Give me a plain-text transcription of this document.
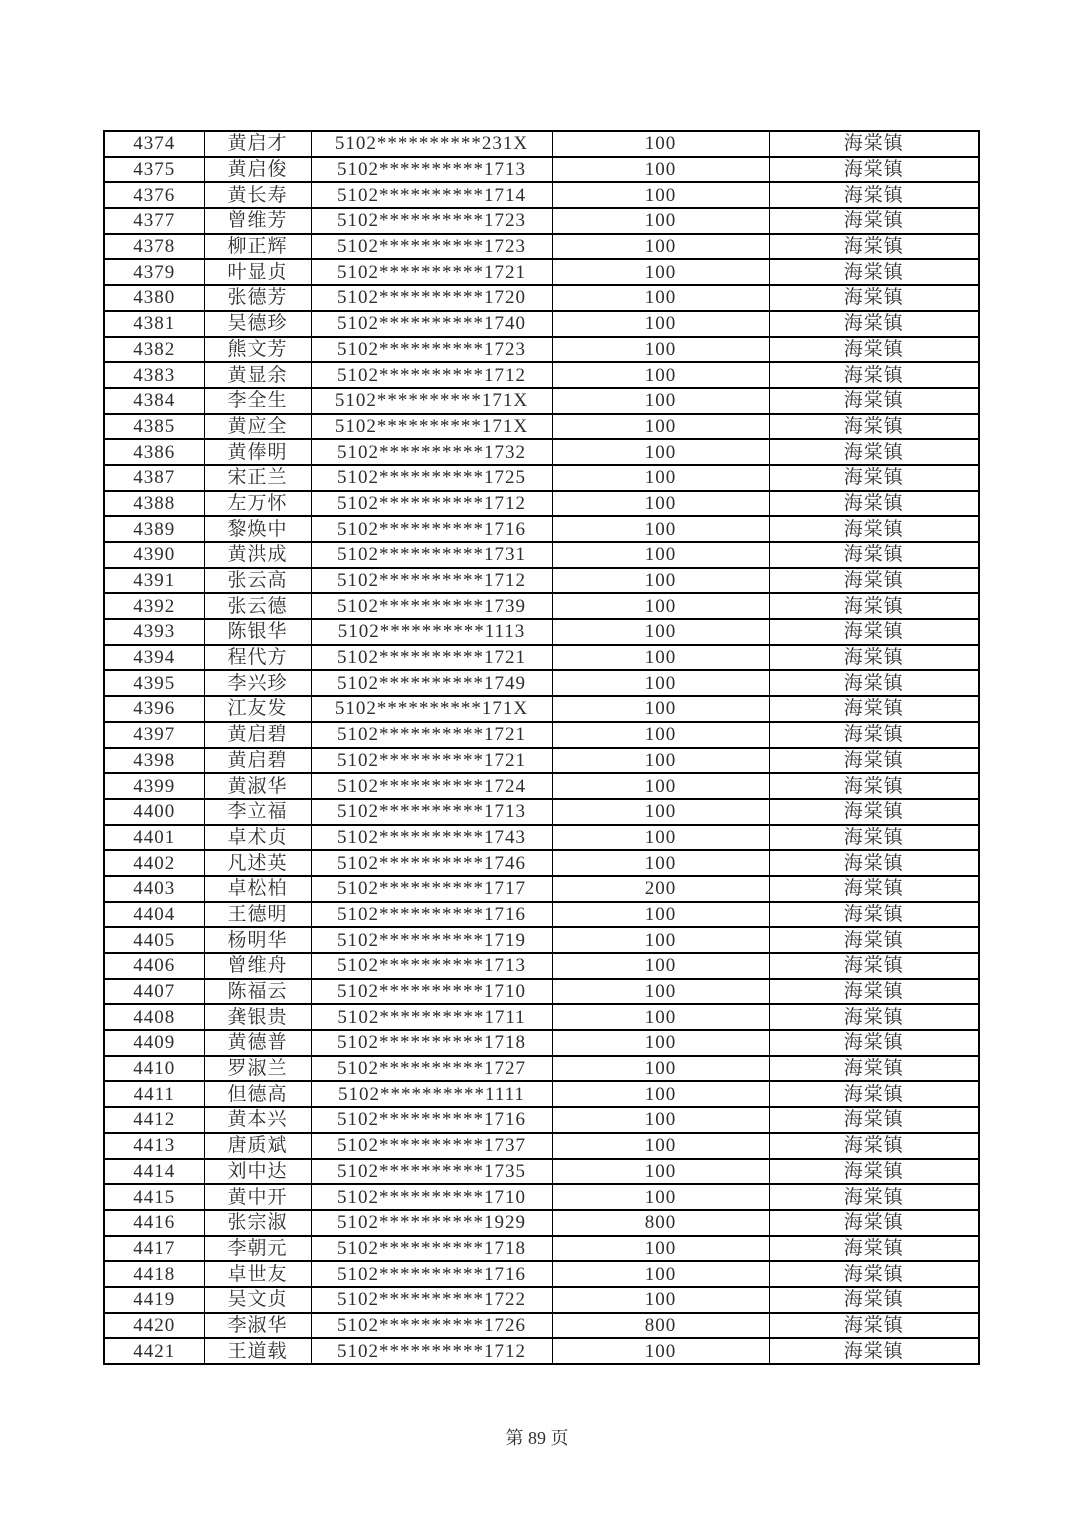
4374	黄启才	5102**********231X	100	海棠镇
4375	黄启俊	5102**********1713	100	海棠镇
4376	黄长寿	5102**********1714	100	海棠镇
4377	曾维芳	5102**********1723	100	海棠镇
4378	柳正辉	5102**********1723	100	海棠镇
4379	叶显贞	5102**********1721	100	海棠镇
4380	张德芳	5102**********1720	100	海棠镇
4381	吴德珍	5102**********1740	100	海棠镇
4382	熊文芳	5102**********1723	100	海棠镇
4383	黄显余	5102**********1712	100	海棠镇
4384	李全生	5102**********171X	100	海棠镇
4385	黄应全	5102**********171X	100	海棠镇
4386	黄俸明	5102**********1732	100	海棠镇
4387	宋正兰	5102**********1725	100	海棠镇
4388	左万怀	5102**********1712	100	海棠镇
4389	黎焕中	5102**********1716	100	海棠镇
4390	黄洪成	5102**********1731	100	海棠镇
4391	张云高	5102**********1712	100	海棠镇
4392	张云德	5102**********1739	100	海棠镇
4393	陈银华	5102**********1113	100	海棠镇
4394	程代方	5102**********1721	100	海棠镇
4395	李兴珍	5102**********1749	100	海棠镇
4396	江友发	5102**********171X	100	海棠镇
4397	黄启碧	5102**********1721	100	海棠镇
4398	黄启碧	5102**********1721	100	海棠镇
4399	黄淑华	5102**********1724	100	海棠镇
4400	李立福	5102**********1713	100	海棠镇
4401	卓术贞	5102**********1743	100	海棠镇
4402	凡述英	5102**********1746	100	海棠镇
4403	卓松柏	5102**********1717	200	海棠镇
4404	王德明	5102**********1716	100	海棠镇
4405	杨明华	5102**********1719	100	海棠镇
4406	曾维舟	5102**********1713	100	海棠镇
4407	陈福云	5102**********1710	100	海棠镇
4408	龚银贵	5102**********1711	100	海棠镇
4409	黄德普	5102**********1718	100	海棠镇
4410	罗淑兰	5102**********1727	100	海棠镇
4411	但德高	5102**********1111	100	海棠镇
4412	黄本兴	5102**********1716	100	海棠镇
4413	唐质斌	5102**********1737	100	海棠镇
4414	刘中达	5102**********1735	100	海棠镇
4415	黄中开	5102**********1710	100	海棠镇
4416	张宗淑	5102**********1929	800	海棠镇
4417	李朝元	5102**********1718	100	海棠镇
4418	卓世友	5102**********1716	100	海棠镇
4419	吴文贞	5102**********1722	100	海棠镇
4420	李淑华	5102**********1726	800	海棠镇
4421	王道载	5102**********1712	100	海棠镇
第 89 页
